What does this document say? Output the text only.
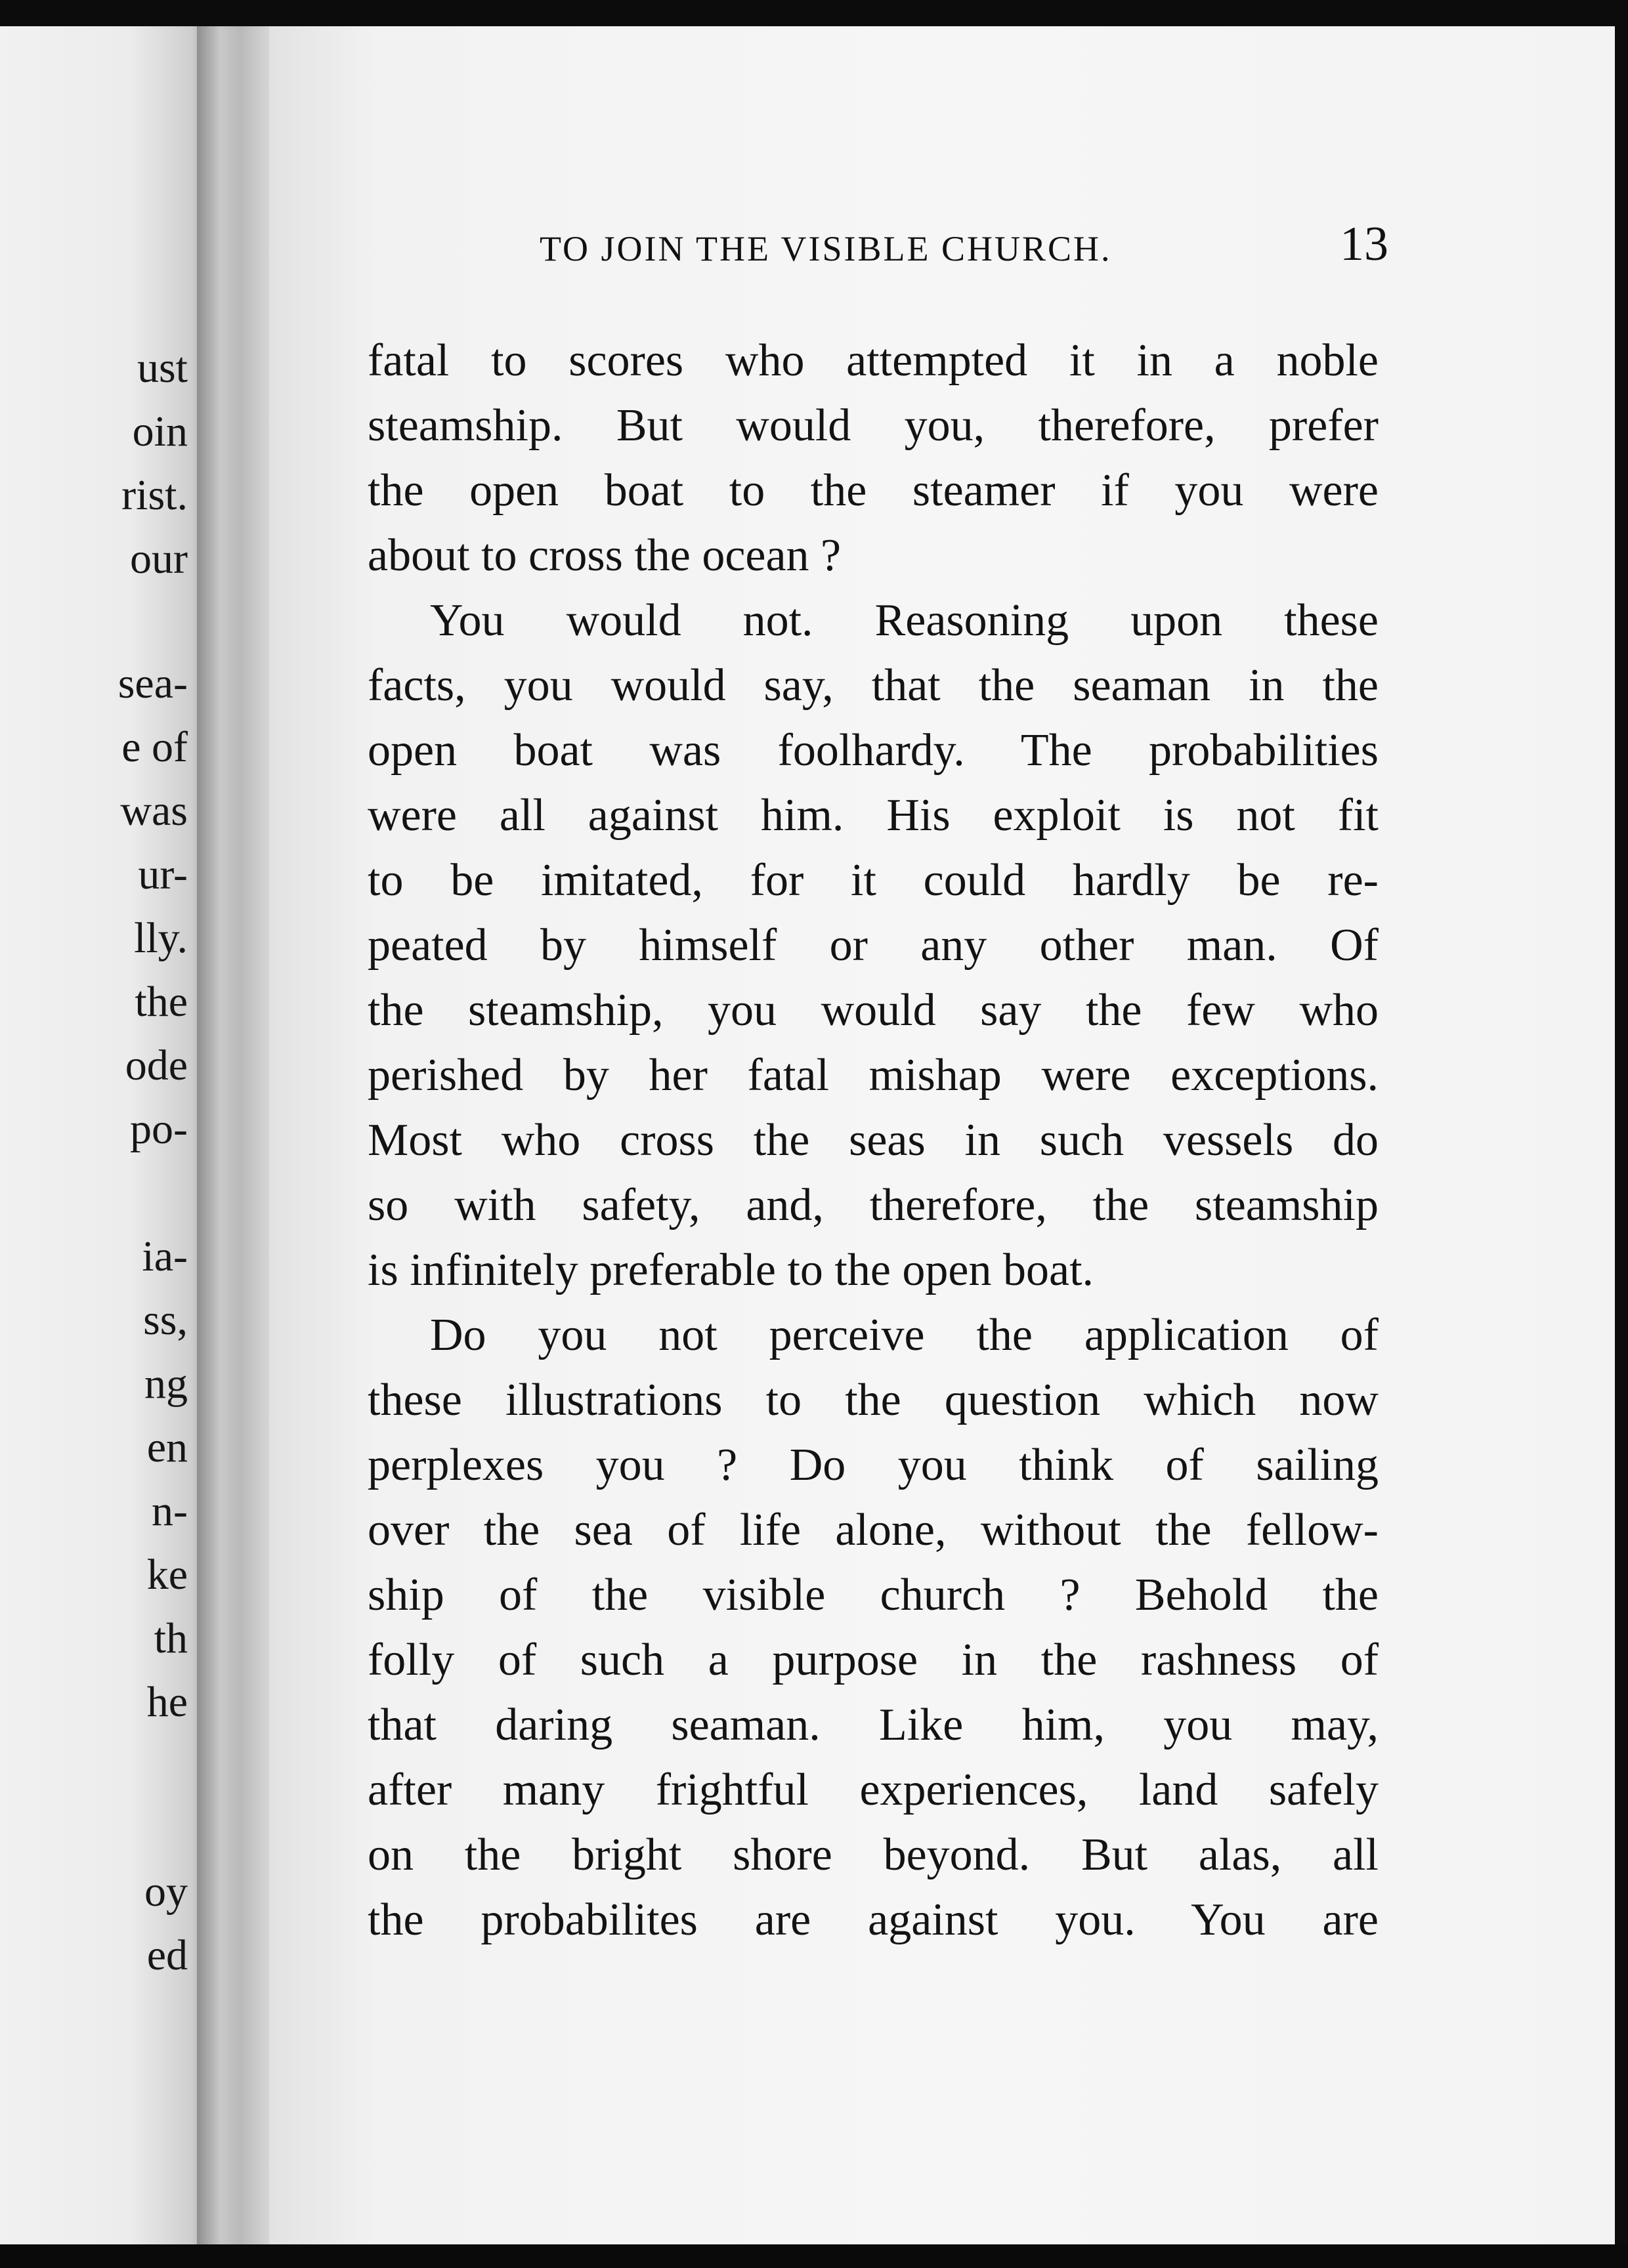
ust
oin
rist.
our
sea-
e of
was
ur-
lly.
the
ode
po-
ia-
ss,
ng
en
n-
ke
th
he
oy
ed
TO JOIN THE VISIBLE CHURCH.	13
fatal to scores who attempted it in a noble
steamship. But would you, therefore, prefer
the open boat to the steamer if you were
about to cross the ocean ?
You would not. Reasoning upon these
facts, you would say, that the seaman in the
open boat was foolhardy. The probabilities
were all against him. His exploit is not fit
to be imitated, for it could hardly be re-
peated by himself or any other man. Of
the steamship, you would say the few who
perished by her fatal mishap were exceptions.
Most who cross the seas in such vessels do
so with safety, and, therefore, the steamship
is infinitely preferable to the open boat.
Do you not perceive the application of
these illustrations to the question which now
perplexes you ? Do you think of sailing
over the sea of life alone, without the fellow-
ship of the visible church ? Behold the
folly of such a purpose in the rashness of
that daring seaman. Like him, you may,
after many frightful experiences, land safely
on the bright shore beyond. But alas, all
the probabilites are against you. You are
